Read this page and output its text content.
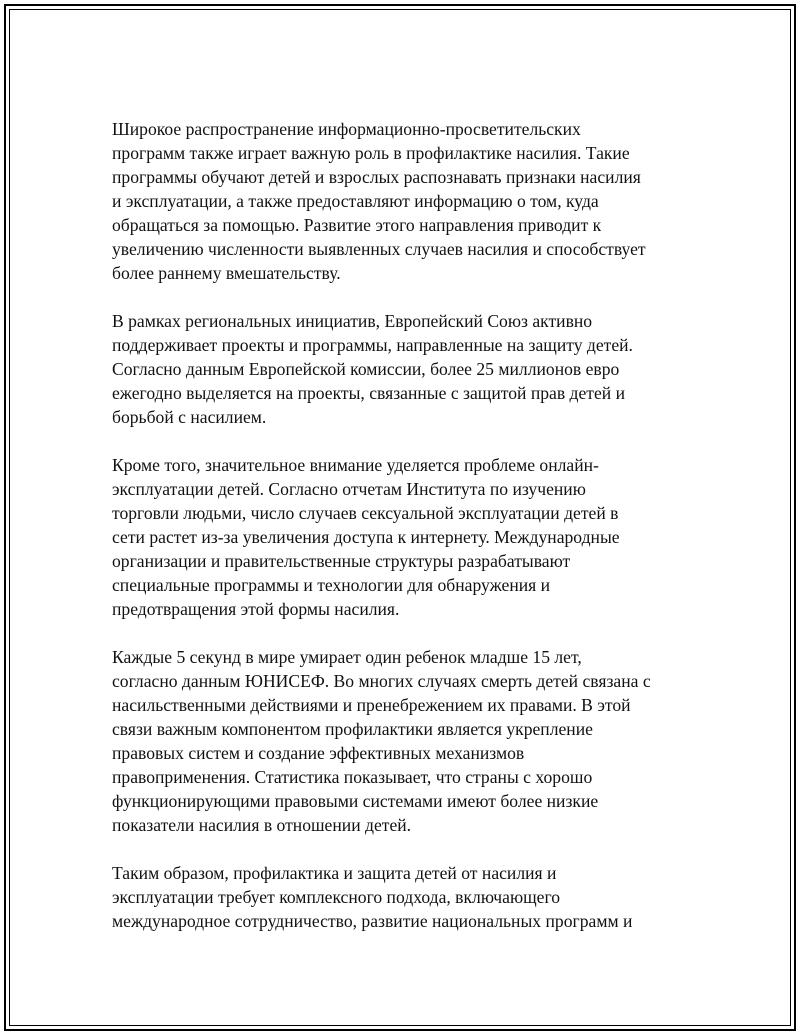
Широкое распространение информационно-просветительских
программ также играет важную роль в профилактике насилия. Такие
программы обучают детей и взрослых распознавать признаки насилия
и эксплуатации, а также предоставляют информацию о том, куда
обращаться за помощью. Развитие этого направления приводит к
увеличению численности выявленных случаев насилия и способствует
более раннему вмешательству.
В рамках региональных инициатив, Европейский Союз активно
поддерживает проекты и программы, направленные на защиту детей.
Согласно данным Европейской комиссии, более 25 миллионов евро
ежегодно выделяется на проекты, связанные с защитой прав детей и
борьбой с насилием.
Кроме того, значительное внимание уделяется проблеме онлайн-
эксплуатации детей. Согласно отчетам Института по изучению
торговли людьми, число случаев сексуальной эксплуатации детей в
сети растет из-за увеличения доступа к интернету. Международные
организации и правительственные структуры разрабатывают
специальные программы и технологии для обнаружения и
предотвращения этой формы насилия.
Каждые 5 секунд в мире умирает один ребенок младше 15 лет,
согласно данным ЮНИСЕФ. Во многих случаях смерть детей связана с
насильственными действиями и пренебрежением их правами. В этой
связи важным компонентом профилактики является укрепление
правовых систем и создание эффективных механизмов
правоприменения. Статистика показывает, что страны с хорошо
функционирующими правовыми системами имеют более низкие
показатели насилия в отношении детей.
Таким образом, профилактика и защита детей от насилия и
эксплуатации требует комплексного подхода, включающего
международное сотрудничество, развитие национальных программ и
